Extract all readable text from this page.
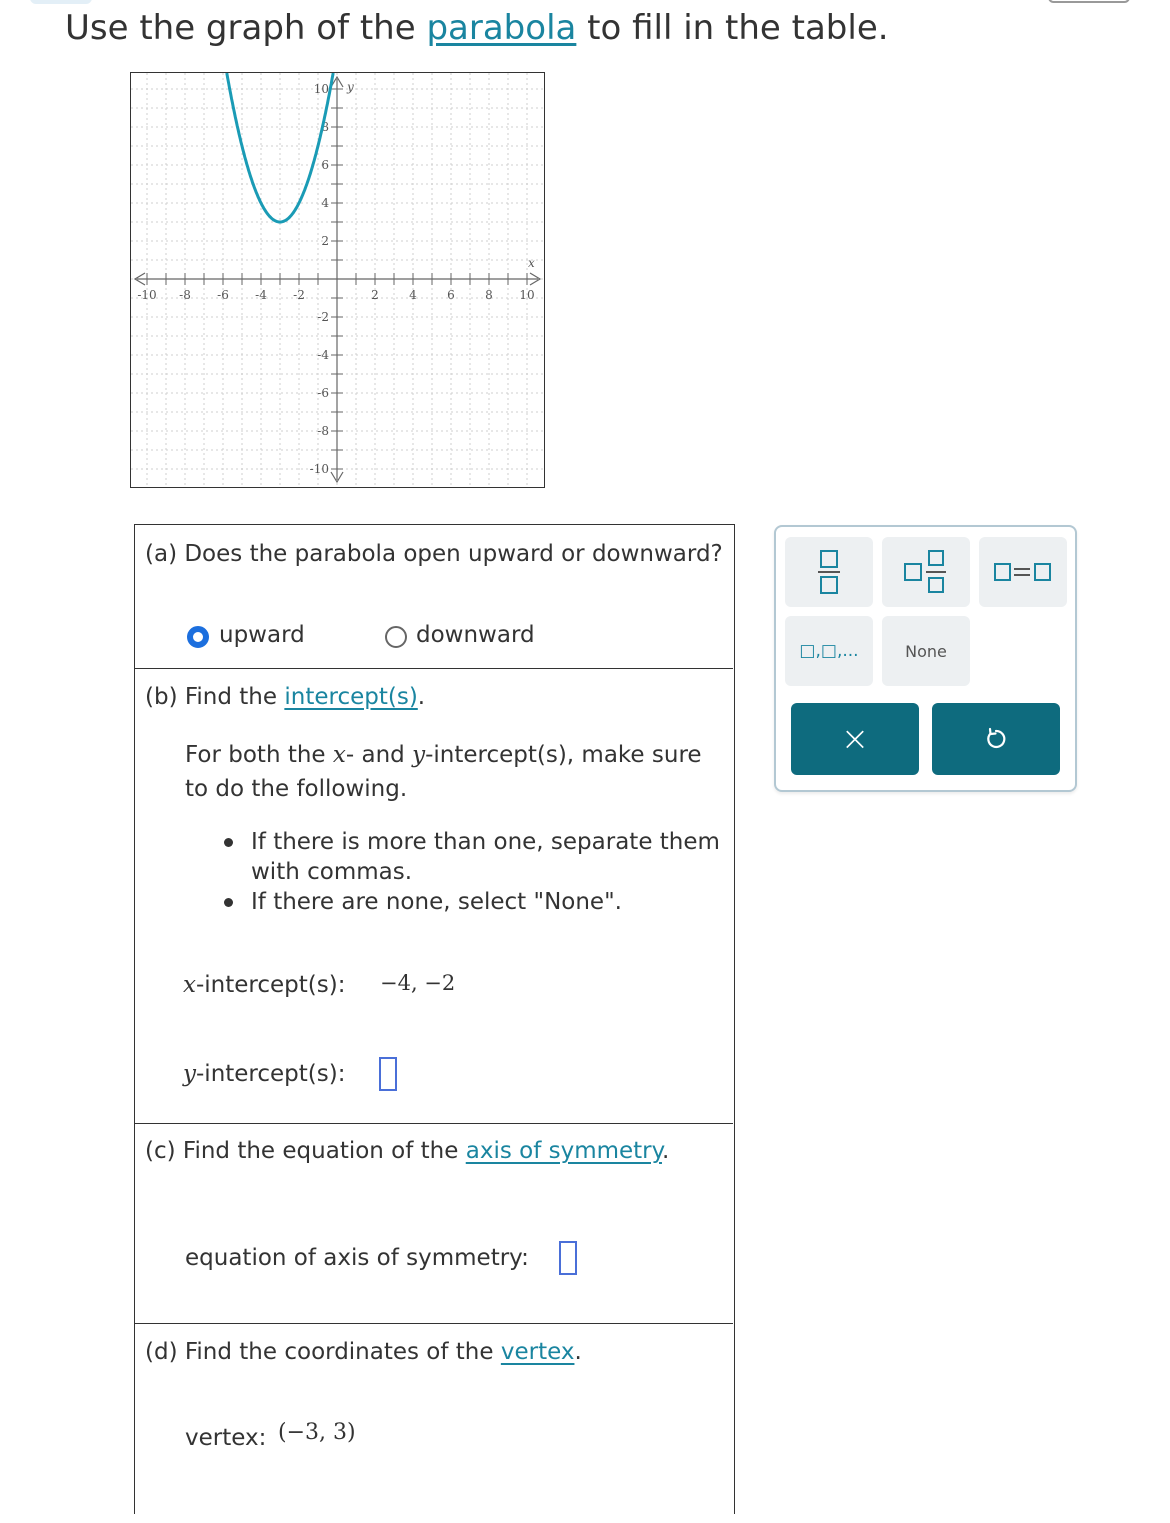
Use the graph of the parabola to fill in the table.
-10 -8 -6 -4 -2	2	4	6	8 10
10
8
6
4
2
-2
-4
-6
-8
-10
x
y
(a) Does the parabola open upward or downward?
upward	downward
(b) Find the intercept(s).
For both the x- and y-intercept(s), make sure
to do the following.
If there is more than one, separate them
with commas.
If there are none, select "None".
x-intercept(s): −4, −2
y-intercept(s):
(c) Find the equation of the axis of symmetry.
equation of axis of symmetry:
(d) Find the coordinates of the vertex.
vertex: (−3, 3)
□,□,...	None
×
